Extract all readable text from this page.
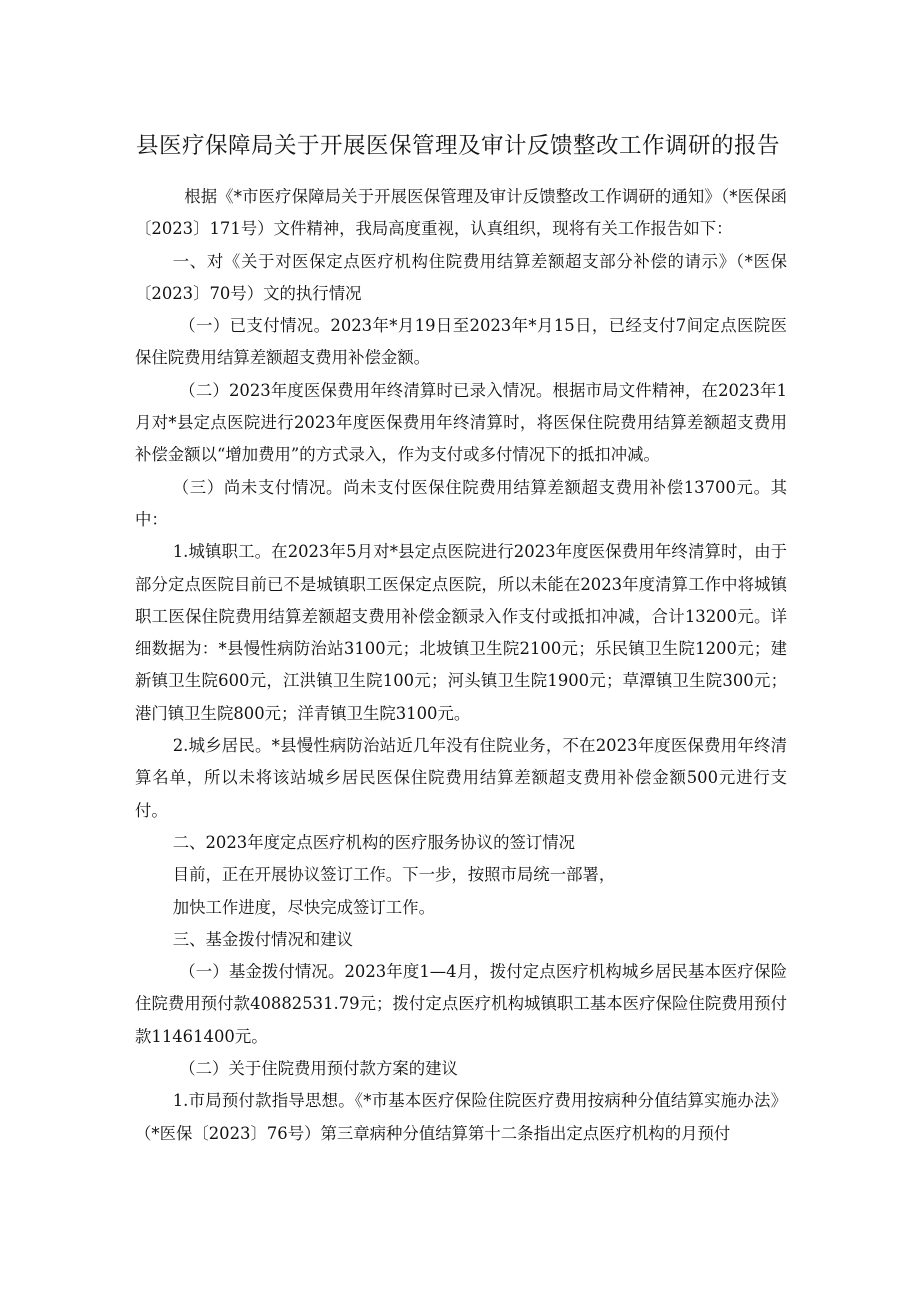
县医疗保障局关于开展医保管理及审计反馈整改工作调研的报告

根据《*市医疗保障局关于开展医保管理及审计反馈整改工作调研的通知》（*医保函〔2023〕171号）文件精神，我局高度重视，认真组织，现将有关工作报告如下：

一、对《关于对医保定点医疗机构住院费用结算差额超支部分补偿的请示》（*医保〔2023〕70号）文的执行情况

（一）已支付情况。2023年*月19日至2023年*月15日，已经支付7间定点医院医保住院费用结算差额超支费用补偿金额。

（二）2023年度医保费用年终清算时已录入情况。根据市局文件精神，在2023年1月对*县定点医院进行2023年度医保费用年终清算时，将医保住院费用结算差额超支费用补偿金额以“增加费用”的方式录入，作为支付或多付情况下的抵扣冲减。

（三）尚未支付情况。尚未支付医保住院费用结算差额超支费用补偿13700元。其中：

1.城镇职工。在2023年5月对*县定点医院进行2023年度医保费用年终清算时，由于部分定点医院目前已不是城镇职工医保定点医院，所以未能在2023年度清算工作中将城镇职工医保住院费用结算差额超支费用补偿金额录入作支付或抵扣冲减，合计13200元。详细数据为：*县慢性病防治站3100元；北坡镇卫生院2100元；乐民镇卫生院1200元；建新镇卫生院600元，江洪镇卫生院100元；河头镇卫生院1900元；草潭镇卫生院300元；港门镇卫生院800元；洋青镇卫生院3100元。

2.城乡居民。*县慢性病防治站近几年没有住院业务，不在2023年度医保费用年终清算名单，所以未将该站城乡居民医保住院费用结算差额超支费用补偿金额500元进行支付。

二、2023年度定点医疗机构的医疗服务协议的签订情况

目前，正在开展协议签订工作。下一步，按照市局统一部署，

加快工作进度，尽快完成签订工作。

三、基金拨付情况和建议

（一）基金拨付情况。2023年度1—4月，拨付定点医疗机构城乡居民基本医疗保险住院费用预付款40882531.79元；拨付定点医疗机构城镇职工基本医疗保险住院费用预付款11461400元。

（二）关于住院费用预付款方案的建议

1.市局预付款指导思想。《*市基本医疗保险住院医疗费用按病种分值结算实施办法》（*医保〔2023〕76号）第三章病种分值结算第十二条指出定点医疗机构的月预付
